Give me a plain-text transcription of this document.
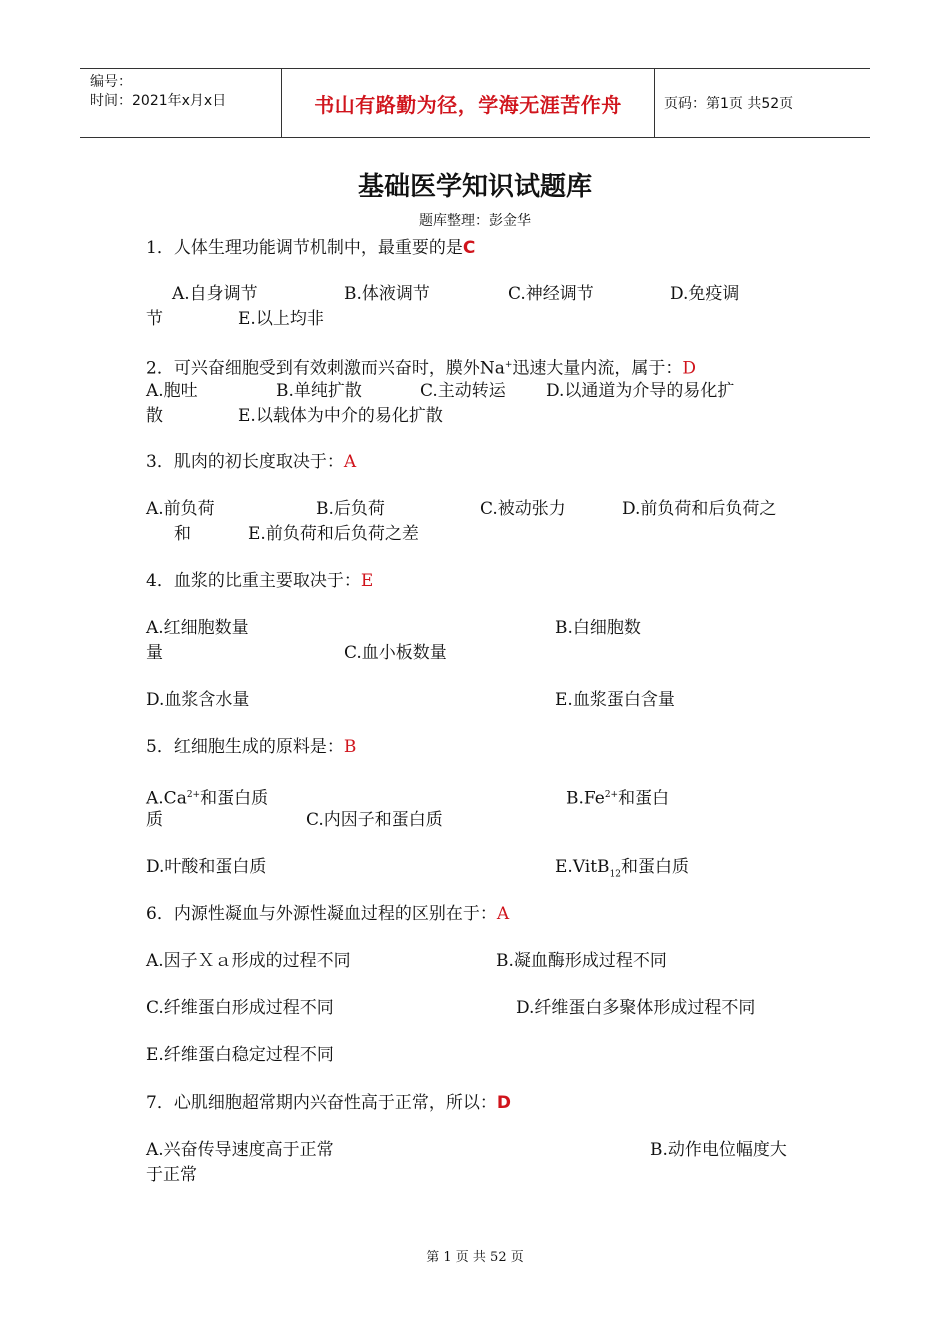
编号：
时间：2021年x月x日	书山有路勤为径，学海无涯苦作舟	页码：第1页 共52页
基础医学知识试题库
题库整理：彭金华
1．人体生理功能调节机制中，最重要的是C
A.自身调节	B.体液调节	C.神经调节	D.免疫调
节	E.以上均非
2．可兴奋细胞受到有效刺激而兴奋时，膜外Na+迅速大量内流，属于：D
A.胞吐	B.单纯扩散	C.主动转运 D.以通道为介导的易化扩
散	E.以载体为中介的易化扩散
3．肌肉的初长度取决于：A
A.前负荷	B.后负荷	C.被动张力	D.前负荷和后负荷之
和	E.前负荷和后负荷之差
4．血浆的比重主要取决于：E
A.红细胞数量	B.白细胞数
量	C.血小板数量
D.血浆含水量	E.血浆蛋白含量
5．红细胞生成的原料是：B
$A.Ca^{2+}$和蛋白质	$B.Fe^{2+}$和蛋白
质	C.内因子和蛋白质
D.叶酸和蛋白质	E.VitB$_{12}$和蛋白质
6．内源性凝血与外源性凝血过程的区别在于：A
A.因子Ｘａ形成的过程不同	B.凝血酶形成过程不同
C.纤维蛋白形成过程不同	D.纤维蛋白多聚体形成过程不同
E.纤维蛋白稳定过程不同
7．心肌细胞超常期内兴奋性高于正常，所以：D
A.兴奋传导速度高于正常	B.动作电位幅度大
于正常
第 1 页 共 52 页
